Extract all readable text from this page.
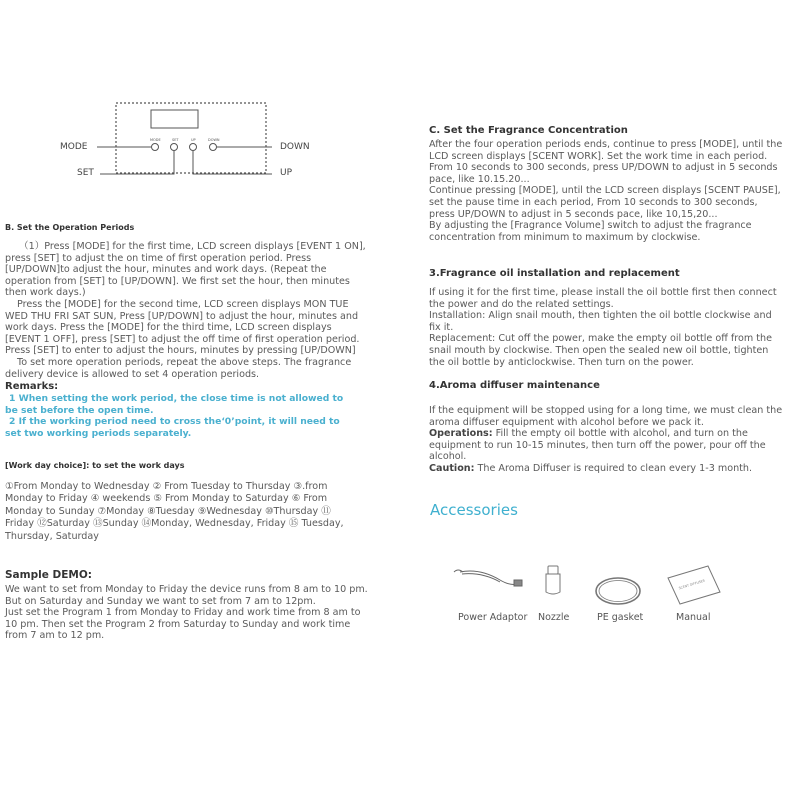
MODE	SET	UP	DOWN
MODE
SET
DOWN
UP
B. Set the Operation Periods

（1）Press [MODE] for the first time, LCD screen displays [EVENT 1 ON], press [SET] to adjust the on time of first operation period. Press [UP/DOWN]to adjust the hour, minutes and work days. (Repeat the operation from [SET] to [UP/DOWN]. We first set the hour, then minutes then work days.)

Press the [MODE] for the second time, LCD screen displays MON TUE WED THU FRI SAT SUN, Press [UP/DOWN] to adjust the hour, minutes and work days. Press the [MODE] for the third time, LCD screen displays [EVENT 1 OFF], press [SET] to adjust the off time of first operation period. Press [SET] to enter to adjust the hours, minutes by pressing [UP/DOWN]

To set more operation periods, repeat the above steps. The fragrance delivery device is allowed to set 4 operation periods.

Remarks:

1 When setting the work period, the close time is not allowed to be set before the open time.

2 If the working period need to cross the‘0’point, it will need to set two working periods separately.

[Work day choice]: to set the work days

①From Monday to Wednesday ② From Tuesday to Thursday ③.from Monday to Friday ④ weekends ⑤ From Monday to Saturday ⑥ From Monday to Sunday ⑦Monday ⑧Tuesday ⑨Wednesday ⑩Thursday ⑪ Friday ⑫Saturday ⑬Sunday ⑭Monday, Wednesday, Friday ⑮ Tuesday, Thursday, Saturday

Sample DEMO:

We want to set from Monday to Friday the device runs from 8 am to 10 pm. But on Saturday and Sunday we want to set from 7 am to 12pm.

Just set the Program 1 from Monday to Friday and work time from 8 am to 10 pm. Then set the Program 2 from Saturday to Sunday and work time from 7 am to 12 pm.

C. Set the Fragrance Concentration

After the four operation periods ends, continue to press [MODE], until the LCD screen displays [SCENT WORK]. Set the work time in each period. From 10 seconds to 300 seconds, press UP/DOWN to adjust in 5 seconds pace, like 10.15.20...

Continue pressing [MODE], until the LCD screen displays [SCENT PAUSE], set the pause time in each period, From 10 seconds to 300 seconds, press UP/DOWN to adjust in 5 seconds pace, like 10,15,20...

By adjusting the [Fragrance Volume] switch to adjust the fragrance concentration from minimum to maximum by clockwise.

3.Fragrance oil installation and replacement

If using it for the first time, please install the oil bottle first then connect the power and do the related settings.

Installation: Align snail mouth, then tighten the oil bottle clockwise and fix it.

Replacement: Cut off the power, make the empty oil bottle off from the snail mouth by clockwise. Then open the sealed new oil bottle, tighten the oil bottle by anticlockwise. Then turn on the power.

4.Aroma diffuser maintenance

If the equipment will be stopped using for a long time, we must clean the aroma diffuser equipment with alcohol before we pack it.

Operations: Fill the empty oil bottle with alcohol, and turn on the equipment to run 10-15 minutes, then turn off the power, pour off the alcohol.

Caution: The Aroma Diffuser is required to clean every 1-3 month.

Accessories
SCENT DIFFUSER
Power Adaptor Nozzle	PE gasket	Manual
